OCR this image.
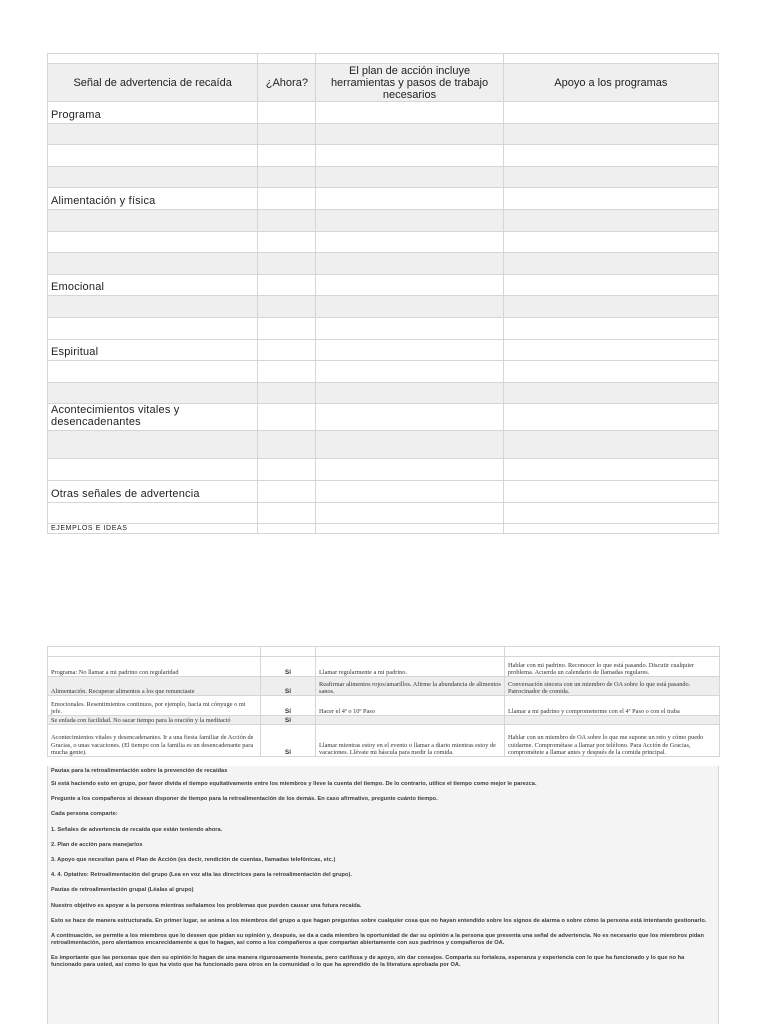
Señal de advertencia de recaída	¿Ahora?	El plan de acción incluye herramientas y pasos de trabajo necesarios	Apoyo a los programas
Programa			

Alimentación y física			

Emocional			

Espiritual			

Acontecimientos vitales y desencadenantes			

Otras señales de advertencia			

EJEMPLOS E IDEAS			

Programa: No llamar a mi padrino con regularidad	Sí	Llamar regularmente a mi padrino.	Hablar con mi padrino. Reconocer lo que está pasando. Discutir cualquier problema. Acuerda un calendario de llamadas regulares.
Alimentación. Recuperar alimentos a los que renunciaste	Sí	Reafirmar alimentos rojos/amarillos. Afirme la abundancia de alimentos sanos.	Conversación sincera con un miembro de OA sobre lo que está pasando. Patrocinador de comida.
Emocionales. Resentimientos continuos, por ejemplo, hacia mi cónyuge o mi jefe.	Sí	Hacer el 4º o 10º Paso	Llamar a mi padrino y comprometerme con el 4º Paso o con el traba
Se enfada con facilidad. No sacar tiempo para la oración y la meditació	Sí		
Acontecimientos vitales y desencadenantes. Ir a una fiesta familiar de Acción de Gracias, o unas vacaciones. (El tiempo con la familia es un desencadenante para mucha gente).	Sí	Llamar mientras estoy en el evento o llamar a diario mientras estoy de vacaciones. Llévate mi báscula para medir la comida.	Hablar con un miembro de OA sobre lo que me supone un reto y cómo puedo cuidarme. Comprométase a llamar por teléfono. Para Acción de Gracias, comprométete a llamar antes y después de la comida principal.

Pautas para la retroalimentación sobre la prevención de recaídas

Si está haciendo esto en grupo, por favor divida el tiempo equitativamente entre los miembros y lleve la cuenta del tiempo. De lo contrario, utilice el tiempo como mejor le parezca.

Pregunte a los compañeros si desean disponer de tiempo para la retroalimentación de los demás. En caso afirmativo, pregunte cuánto tiempo.

Cada persona comparte:

1. Señales de advertencia de recaída que están teniendo ahora.

2. Plan de acción para manejarlos

3. Apoyo que necesitan para el Plan de Acción (es decir, rendición de cuentas, llamadas telefónicas, etc.)

4. 4. Optativo: Retroalimentación del grupo (Lea en voz alta las directrices para la retroalimentación del grupo).

Pautas de retroalimentación grupal (Léalas al grupo)

Nuestro objetivo es apoyar a la persona mientras señalamos los problemas que pueden causar una futura recaída.

Esto se hace de manera estructurada. En primer lugar, se anima a los miembros del grupo a que hagan preguntas sobre cualquier cosa que no hayan entendido sobre los signos de alarma o sobre cómo la persona está intentando gestionarlo.

A continuación, se permite a los miembros que lo deseen que pidan su opinión y, después, se da a cada miembro la oportunidad de dar su opinión a la persona que presenta una señal de advertencia. No es necesario que los miembros pidan retroalimentación, pero alentamos encarecidamente a que lo hagan, así como a los compañeros a que compartan abiertamente con sus padrinos y compañeros de OA.

Es importante que las personas que den su opinión lo hagan de una manera rigurosamente honesta, pero cariñosa y de apoyo, sin dar consejos. Comparta su fortaleza, esperanza y experiencia con lo que ha funcionado y lo que no ha funcionado para usted, así como lo que ha visto que ha funcionado para otros en la comunidad o lo que ha aprendido de la literatura aprobada por OA.
